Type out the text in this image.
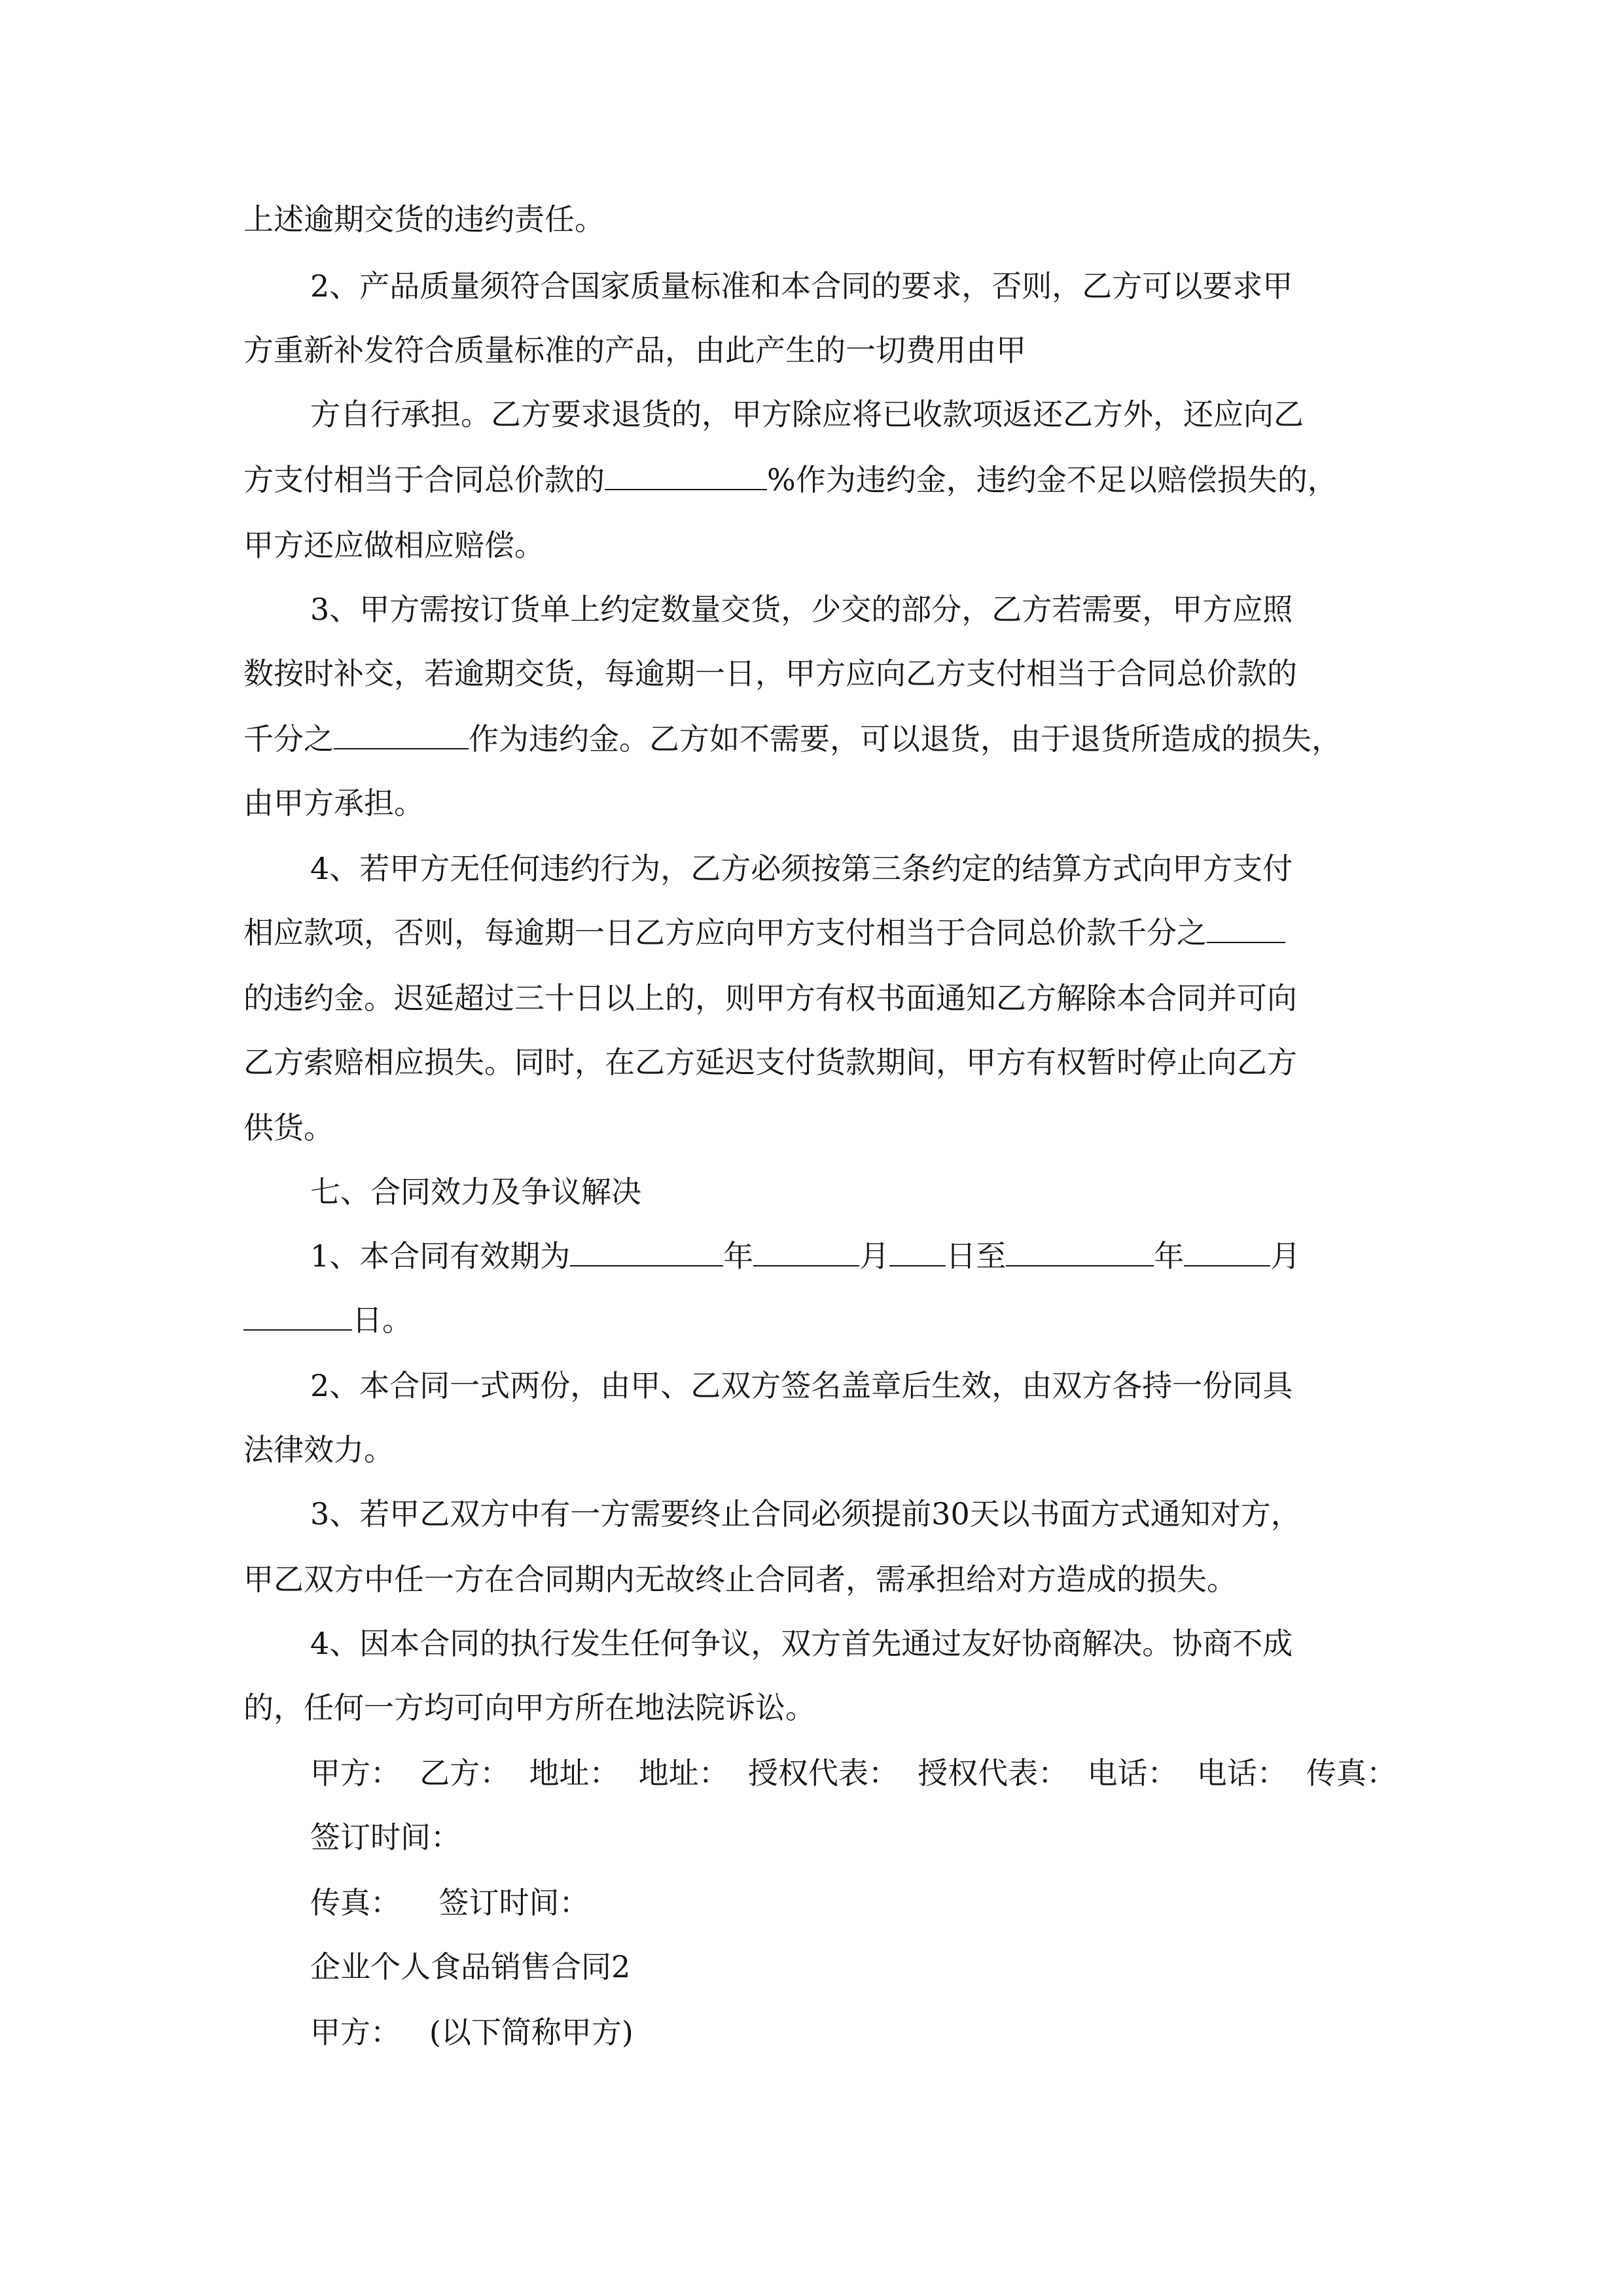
上述逾期交货的违约责任。
2、产品质量须符合国家质量标准和本合同的要求，否则，乙方可以要求甲
方重新补发符合质量标准的产品，由此产生的一切费用由甲
方自行承担。乙方要求退货的，甲方除应将已收款项返还乙方外，还应向乙
方支付相当于合同总价款的	%作为违约金，违约金不足以赔偿损失的，
甲方还应做相应赔偿。
3、甲方需按订货单上约定数量交货，少交的部分，乙方若需要，甲方应照
数按时补交，若逾期交货，每逾期一日，甲方应向乙方支付相当于合同总价款的
千分之	作为违约金。乙方如不需要，可以退货，由于退货所造成的损失，
由甲方承担。
4、若甲方无任何违约行为，乙方必须按第三条约定的结算方式向甲方支付
相应款项，否则，每逾期一日乙方应向甲方支付相当于合同总价款千分之
的违约金。迟延超过三十日以上的，则甲方有权书面通知乙方解除本合同并可向
乙方索赔相应损失。同时，在乙方延迟支付货款期间，甲方有权暂时停止向乙方
供货。
七、合同效力及争议解决
1、本合同有效期为	年	月 日至	年	月
日。
2、本合同一式两份，由甲、乙双方签名盖章后生效，由双方各持一份同具
法律效力。
3、若甲乙双方中有一方需要终止合同必须提前30天以书面方式通知对方，
甲乙双方中任一方在合同期内无故终止合同者，需承担给对方造成的损失。
4、因本合同的执行发生任何争议，双方首先通过友好协商解决。协商不成
的，任何一方均可向甲方所在地法院诉讼。
甲方：  乙方：  地址：  地址：  授权代表：  授权代表：  电话：  电话：  传真：
签订时间：
传真：    签订时间：
企业个人食品销售合同2
甲方：   (以下简称甲方)
